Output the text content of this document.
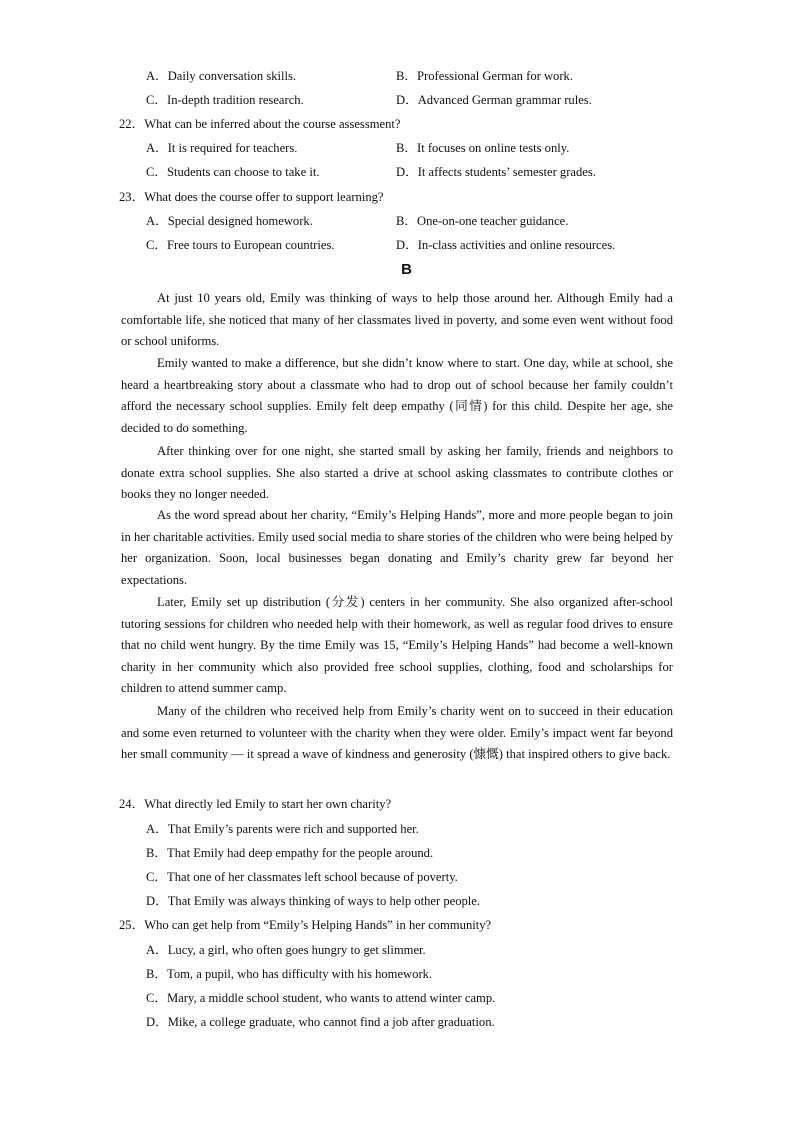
A．Daily conversation skills.	B．Professional German for work.
C．In-depth tradition research.	D．Advanced German grammar rules.
22．What can be inferred about the course assessment?
A．It is required for teachers.	B．It focuses on online tests only.
C．Students can choose to take it.	D．It affects students’ semester grades.
23．What does the course offer to support learning?
A．Special designed homework.	B．One-on-one teacher guidance.
C．Free tours to European countries.	D．In-class activities and online resources.
B

At just 10 years old, Emily was thinking of ways to help those around her. Although Emily had a comfortable life, she noticed that many of her classmates lived in poverty, and some even went without food or school uniforms.

Emily wanted to make a difference, but she didn’t know where to start. One day, while at school, she heard a heartbreaking story about a classmate who had to drop out of school because her family couldn’t afford the necessary school supplies. Emily felt deep empathy (同情) for this child. Despite her age, she decided to do something.

After thinking over for one night, she started small by asking her family, friends and neighbors to donate extra school supplies. She also started a drive at school asking classmates to contribute clothes or books they no longer needed.

As the word spread about her charity, “Emily’s Helping Hands”, more and more people began to join in her charitable activities. Emily used social media to share stories of the children who were being helped by her organization. Soon, local businesses began donating and Emily’s charity grew far beyond her expectations.

Later, Emily set up distribution (分发) centers in her community. She also organized after-school tutoring sessions for children who needed help with their homework, as well as regular food drives to ensure that no child went hungry. By the time Emily was 15, “Emily’s Helping Hands” had become a well-known charity in her community which also provided free school supplies, clothing, food and scholarships for children to attend summer camp.

Many of the children who received help from Emily’s charity went on to succeed in their education and some even returned to volunteer with the charity when they were older. Emily’s impact went far beyond her small community — it spread a wave of kindness and generosity (慷慨) that inspired others to give back.

24．What directly led Emily to start her own charity?
A．That Emily’s parents were rich and supported her.
B．That Emily had deep empathy for the people around.
C．That one of her classmates left school because of poverty.
D．That Emily was always thinking of ways to help other people.
25．Who can get help from “Emily’s Helping Hands” in her community?
A．Lucy, a girl, who often goes hungry to get slimmer.
B．Tom, a pupil, who has difficulty with his homework.
C．Mary, a middle school student, who wants to attend winter camp.
D．Mike, a college graduate, who cannot find a job after graduation.
